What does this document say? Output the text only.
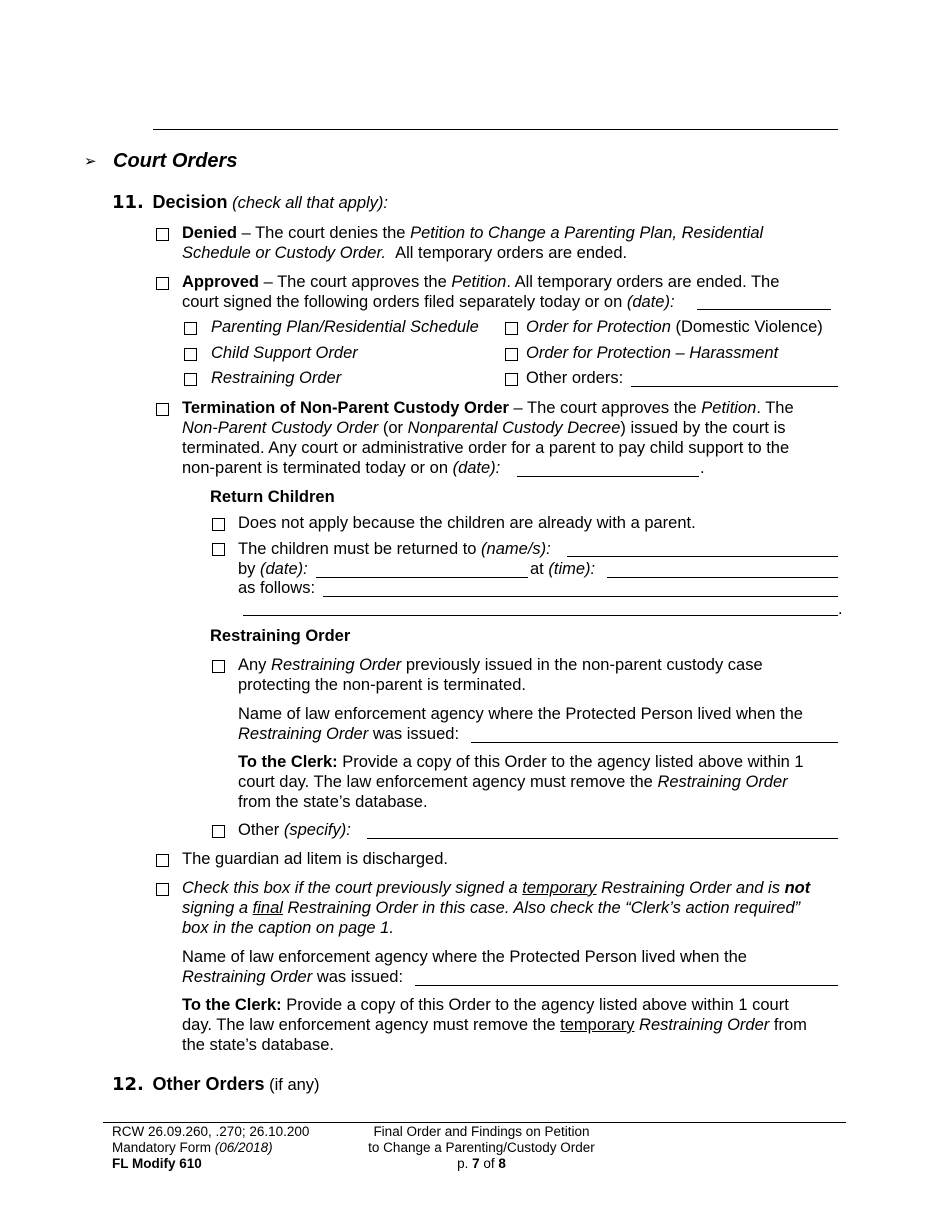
➢ Court Orders
11. Decision (check all that apply):
Denied – The court denies the Petition to Change a Parenting Plan, Residential
Schedule or Custody Order. All temporary orders are ended.
Approved – The court approves the Petition. All temporary orders are ended. The
court signed the following orders filed separately today or on (date):
Parenting Plan/Residential Schedule	Order for Protection (Domestic Violence)
Child Support Order	Order for Protection – Harassment
Restraining Order	Other orders:
Termination of Non-Parent Custody Order – The court approves the Petition. The
Non-Parent Custody Order (or Nonparental Custody Decree) issued by the court is
terminated. Any court or administrative order for a parent to pay child support to the
non-parent is terminated today or on (date):	.
Return Children
Does not apply because the children are already with a parent.
The children must be returned to (name/s):
by (date):	at (time):
as follows:
.
Restraining Order
Any Restraining Order previously issued in the non-parent custody case
protecting the non-parent is terminated.
Name of law enforcement agency where the Protected Person lived when the
Restraining Order was issued:
To the Clerk: Provide a copy of this Order to the agency listed above within 1
court day. The law enforcement agency must remove the Restraining Order
from the state’s database.
Other (specify):
The guardian ad litem is discharged.
Check this box if the court previously signed a temporary Restraining Order and is not
signing a final Restraining Order in this case. Also check the “Clerk’s action required”
box in the caption on page 1.
Name of law enforcement agency where the Protected Person lived when the
Restraining Order was issued:
To the Clerk: Provide a copy of this Order to the agency listed above within 1 court
day. The law enforcement agency must remove the temporary Restraining Order from
the state’s database.
12. Other Orders (if any)
RCW 26.09.260, .270; 26.10.200
Mandatory Form (06/2018)
FL Modify 610
Final Order and Findings on Petition
to Change a Parenting/Custody Order
p. 7 of 8
